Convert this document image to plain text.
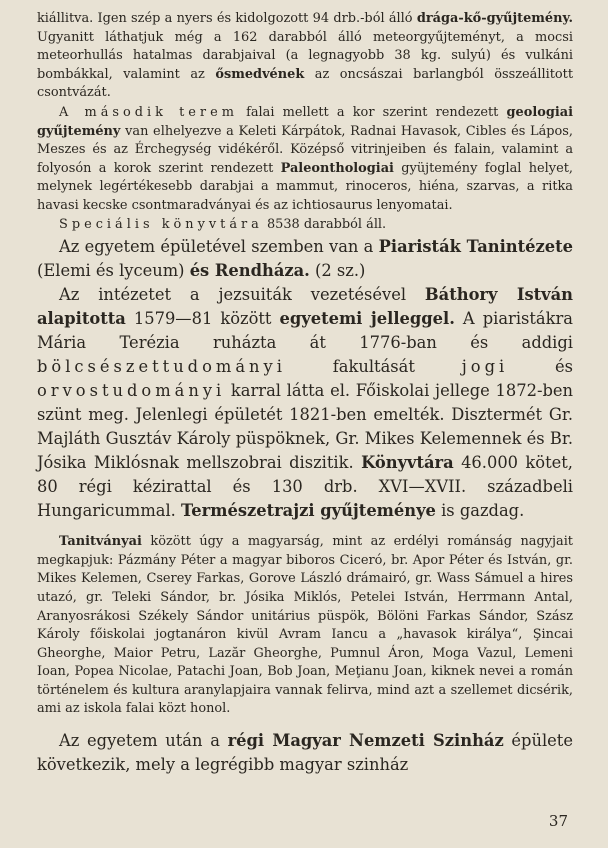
kiállitva. Igen szép a nyers és kidolgozott 94 drb.-ból álló drága-kő-gyűjtemény. Ugyanitt láthatjuk még a 162 darabból álló meteorgyűjteményt, a mocsi meteorhullás hatalmas darabjaival (a legnagyobb 38 kg. sulyú) és vulkáni bombákkal, valamint az ősmedvének az oncsászai barlangból összeállitott csontvázát.

A második terem falai mellett a kor szerint rendezett geologiai gyűjtemény van elhelyezve a Keleti Kárpátok, Radnai Havasok, Cibles és Lápos, Meszes és az Érchegység vidékéről. Középső vitrinjeiben és falain, valamint a folyosón a korok szerint rendezett Paleonthologiai gyüjtemény foglal helyet, melynek legértékesebb darabjai a mammut, rinoceros, hiéna, szarvas, a ritka havasi kecske csontmaradványai és az ichtiosaurus lenyomatai.

Speciális könyvtára 8538 darabból áll.

Az egyetem épületével szemben van a Piaristák Tanintézete (Elemi és lyceum) és Rendháza. (2 sz.)

Az intézetet a jezsuiták vezetésével Báthory István alapitotta 1579—81 között egyetemi jelleggel. A piaristákra Mária Terézia ruházta át 1776-ban és addigi bölcsészettudományi fakultását jogi és orvostudományi karral látta el. Főiskolai jellege 1872-ben szünt meg. Jelenlegi épületét 1821-ben emelték. Disztermét Gr. Majláth Gusztáv Károly püspöknek, Gr. Mikes Kelemennek és Br. Jósika Miklósnak mellszobrai diszitik. Könyvtára 46.000 kötet, 80 régi kézirattal és 130 drb. XVI—XVII. századbeli Hungaricummal. Természetrajzi gyűjteménye is gazdag.

Tanitványai között úgy a magyarság, mint az erdélyi románság nagyjait megkapjuk: Pázmány Péter a magyar biboros Ciceró, br. Apor Péter és István, gr. Mikes Kelemen, Cserey Farkas, Gorove László drámairó, gr. Wass Sámuel a hires utazó, gr. Teleki Sándor, br. Jósika Miklós, Petelei István, Herrmann Antal, Aranyosrákosi Székely Sándor unitárius püspök, Bölöni Farkas Sándor, Szász Károly főiskolai jogtanáron kivül Avram Iancu a „havasok királya“, Şincai Gheorghe, Maior Petru, Lazăr Gheorghe, Pumnul Áron, Moga Vazul, Lemeni Ioan, Popea Nicolae, Patachi Joan, Bob Joan, Meţianu Joan, kiknek nevei a román történelem és kultura aranylapjaira vannak felirva, mind azt a szellemet dicsérik, ami az iskola falai közt honol.

Az egyetem után a régi Magyar Nemzeti Szinház épülete következik, mely a legrégibb magyar szinház

37
